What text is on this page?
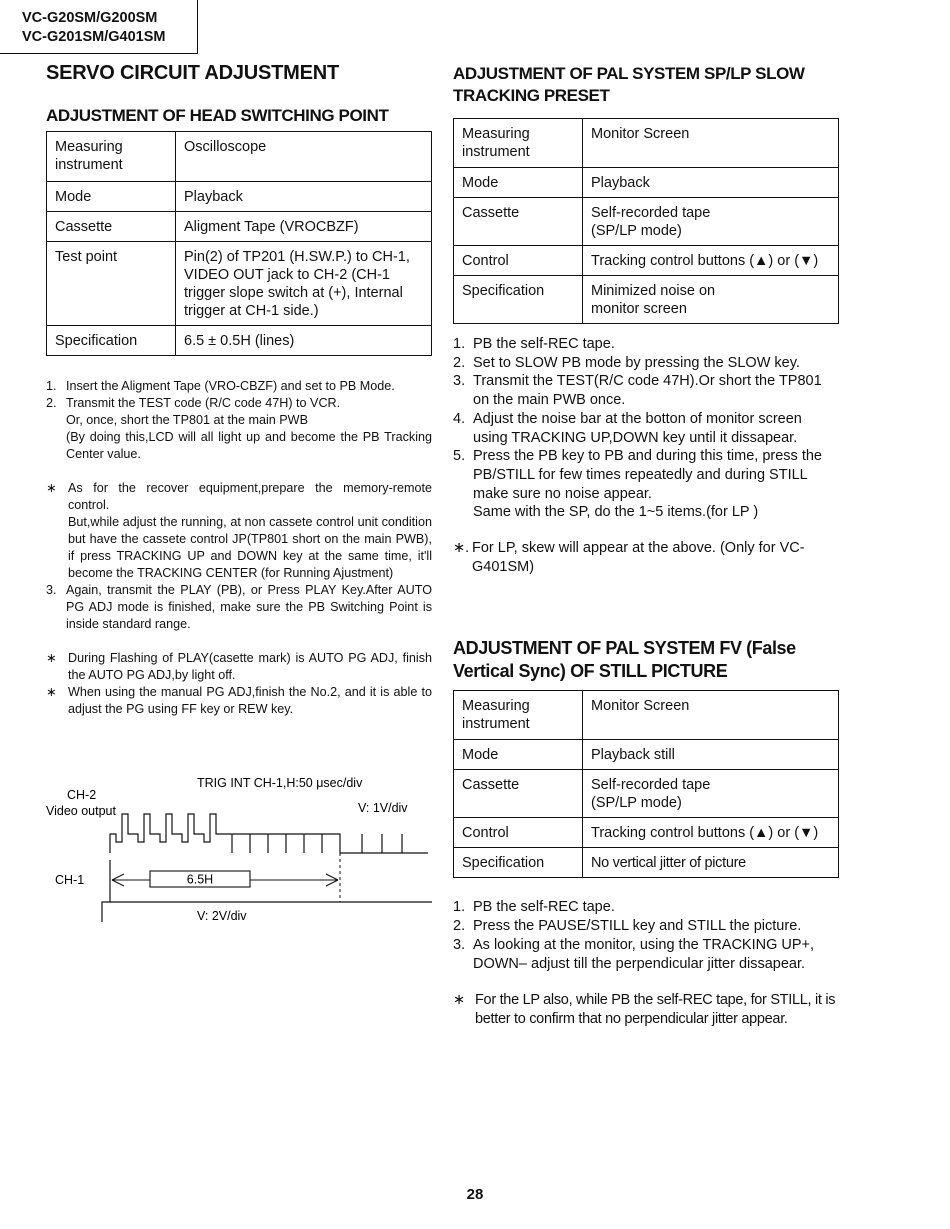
VC-G20SM/G200SM
VC-G201SM/G401SM
SERVO CIRCUIT ADJUSTMENT
ADJUSTMENT OF HEAD SWITCHING POINT
Measuring instrument	Oscilloscope
Mode	Playback
Cassette	Aligment Tape (VROCBZF)
Test point	Pin(2) of TP201 (H.SW.P.) to CH-1, VIDEO OUT jack to CH-2 (CH-1 trigger slope switch at (+), Internal trigger at CH-1 side.)
Specification	6.5 ± 0.5H (lines)
1. Insert the Aligment Tape (VRO-CBZF) and set to PB Mode.
2. Transmit the TEST code (R/C code 47H) to VCR.
Or, once, short the TP801 at the main PWB
(By doing this,LCD will all light up and become the PB Tracking Center value.
∗ As for the recover equipment,prepare the memory-remote control.

But,while adjust the running, at non cassete control unit condition but have the cassete control JP(TP801 short on the main PWB), if press TRACKING UP and DOWN key at the same time, it'll become the TRACKING CENTER (for Running Ajustment)

3. Again, transmit the PLAY (PB), or Press PLAY Key.After AUTO PG ADJ mode is finished, make sure the PB Switching Point is inside standard range.
∗ During Flashing of PLAY(casette mark) is AUTO PG ADJ, finish the AUTO PG ADJ,by light off.

∗ When using the manual PG ADJ,finish the No.2, and it is able to adjust the PG using FF key or REW key.

TRIG INT CH-1,H:50 μsec/div
CH-2
Video output	V: 1V/div
CH-1
V: 2V/div
6.5H
ADJUSTMENT OF PAL SYSTEM SP/LP SLOW
TRACKING PRESET
Measuring instrument	Monitor Screen
Mode	Playback
Cassette	Self-recorded tape (SP/LP mode)
Control	Tracking control buttons (▲) or (▼)
Specification	Minimized noise on monitor screen
1. PB the self-REC tape.
2. Set to SLOW PB mode by pressing the SLOW key.
3. Transmit the TEST(R/C code 47H).Or short the TP801 on the main PWB once.
4. Adjust the noise bar at the botton of monitor screen using TRACKING UP,DOWN key until it dissapear.
5. Press the PB key to PB and during this time, press the PB/STILL for few times repeatedly and during STILL make sure no noise appear.
Same with the SP, do the 1~5 items.(for LP )
∗. For LP, skew will appear at the above. (Only for VC-G401SM)

ADJUSTMENT OF PAL SYSTEM FV (False
Vertical Sync) OF STILL PICTURE
Measuring instrument	Monitor Screen
Mode	Playback still
Cassette	Self-recorded tape (SP/LP mode)
Control	Tracking control buttons (▲) or (▼)
Specification	No vertical jitter of picture
1. PB the self-REC tape.
2. Press the PAUSE/STILL key and STILL the picture.
3. As looking at the monitor, using the TRACKING UP+, DOWN– adjust till the perpendicular jitter dissapear.
∗ For the LP also, while PB the self-REC tape, for STILL, it is better to confirm that no perpendicular jitter appear.

28
